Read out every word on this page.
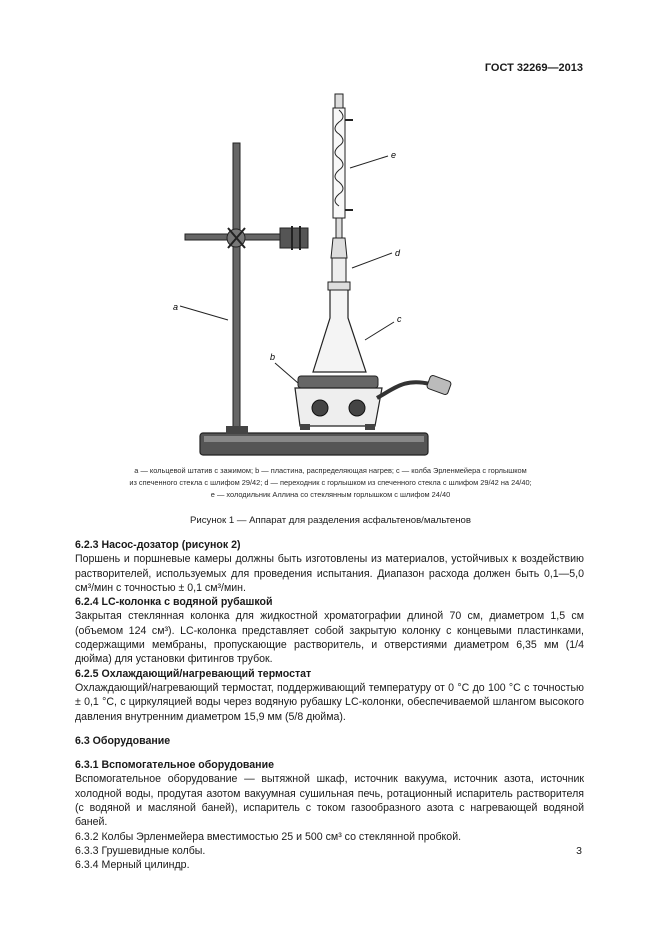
ГОСТ 32269—2013
a
b
c
d
e
а — кольцевой штатив с зажимом; b — пластина, распределяющая нагрев; с — колба Эрленмейера с горлышком
из спеченного стекла с шлифом 29/42; d — переходник с горлышком из спеченного стекла с шлифом 29/42 на 24/40;
е — холодильник Аллина со стеклянным горлышком с шлифом 24/40
Рисунок 1 — Аппарат для разделения асфальтенов/мальтенов

6.2.3 Насос-дозатор (рисунок 2)

Поршень и поршневые камеры должны быть изготовлены из материалов, устойчивых к воздействию растворителей, используемых для проведения испытания. Диапазон расхода должен быть 0,1—5,0 см³/мин с точностью ± 0,1 см³/мин.

6.2.4 LC-колонка с водяной рубашкой

Закрытая стеклянная колонка для жидкостной хроматографии длиной 70 см, диаметром 1,5 см (объемом 124 см³). LC-колонка представляет собой закрытую колонку с концевыми пластинками, содержащими мембраны, пропускающие растворитель, и отверстиями диаметром 6,35 мм (1/4 дюйма) для установки фитингов трубок.

6.2.5 Охлаждающий/нагревающий термостат

Охлаждающий/нагревающий термостат, поддерживающий температуру от 0 °С до 100 °С с точностью ± 0,1 °С, с циркуляцией воды через водяную рубашку LC-колонки, обеспечиваемой шлангом высокого давления внутренним диаметром 15,9 мм (5/8 дюйма).

6.3 Оборудование

6.3.1 Вспомогательное оборудование

Вспомогательное оборудование — вытяжной шкаф, источник вакуума, источник азота, источник холодной воды, продутая азотом вакуумная сушильная печь, ротационный испаритель растворителя (с водяной и масляной баней), испаритель с током газообразного азота с нагревающей водяной баней.

6.3.2 Колбы Эрленмейера вместимостью 25 и 500 см³ со стеклянной пробкой.

6.3.3 Грушевидные колбы.

6.3.4 Мерный цилиндр.

3
